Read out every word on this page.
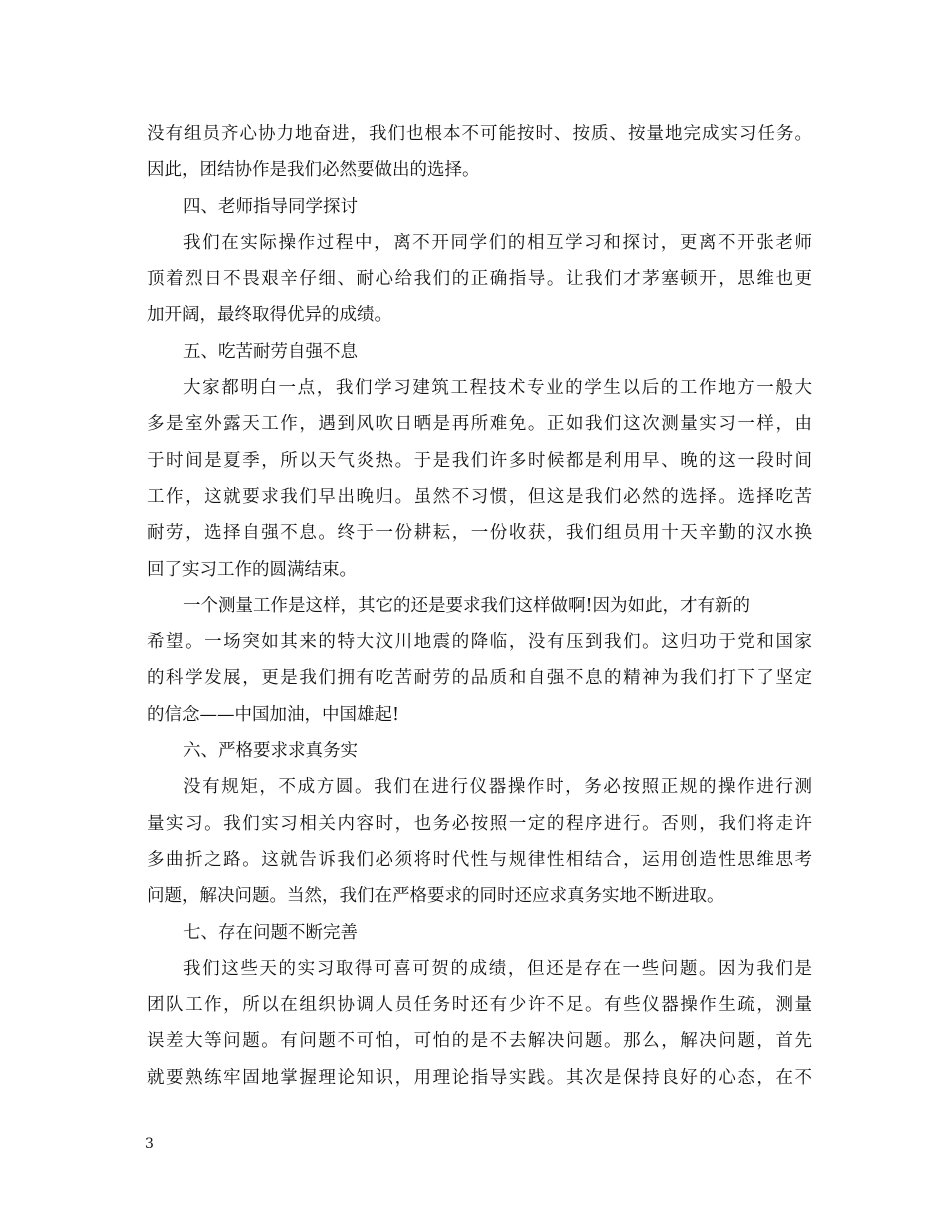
没有组员齐心协力地奋进，我们也根本不可能按时、按质、按量地完成实习任务。
因此，团结协作是我们必然要做出的选择。
四、老师指导同学探讨
我们在实际操作过程中，离不开同学们的相互学习和探讨，更离不开张老师
顶着烈日不畏艰辛仔细、耐心给我们的正确指导。让我们才茅塞顿开，思维也更
加开阔，最终取得优异的成绩。
五、吃苦耐劳自强不息
大家都明白一点，我们学习建筑工程技术专业的学生以后的工作地方一般大
多是室外露天工作，遇到风吹日晒是再所难免。正如我们这次测量实习一样，由
于时间是夏季，所以天气炎热。于是我们许多时候都是利用早、晚的这一段时间
工作，这就要求我们早出晚归。虽然不习惯，但这是我们必然的选择。选择吃苦
耐劳，选择自强不息。终于一份耕耘，一份收获，我们组员用十天辛勤的汉水换
回了实习工作的圆满结束。
一个测量工作是这样，其它的还是要求我们这样做啊!因为如此，才有新的
希望。一场突如其来的特大汶川地震的降临，没有压到我们。这归功于党和国家
的科学发展，更是我们拥有吃苦耐劳的品质和自强不息的精神为我们打下了坚定
的信念——中国加油，中国雄起!
六、严格要求求真务实
没有规矩，不成方圆。我们在进行仪器操作时，务必按照正规的操作进行测
量实习。我们实习相关内容时，也务必按照一定的程序进行。否则，我们将走许
多曲折之路。这就告诉我们必须将时代性与规律性相结合，运用创造性思维思考
问题，解决问题。当然，我们在严格要求的同时还应求真务实地不断进取。
七、存在问题不断完善
我们这些天的实习取得可喜可贺的成绩，但还是存在一些问题。因为我们是
团队工作，所以在组织协调人员任务时还有少许不足。有些仪器操作生疏，测量
误差大等问题。有问题不可怕，可怕的是不去解决问题。那么，解决问题，首先
就要熟练牢固地掌握理论知识，用理论指导实践。其次是保持良好的心态，在不
3
